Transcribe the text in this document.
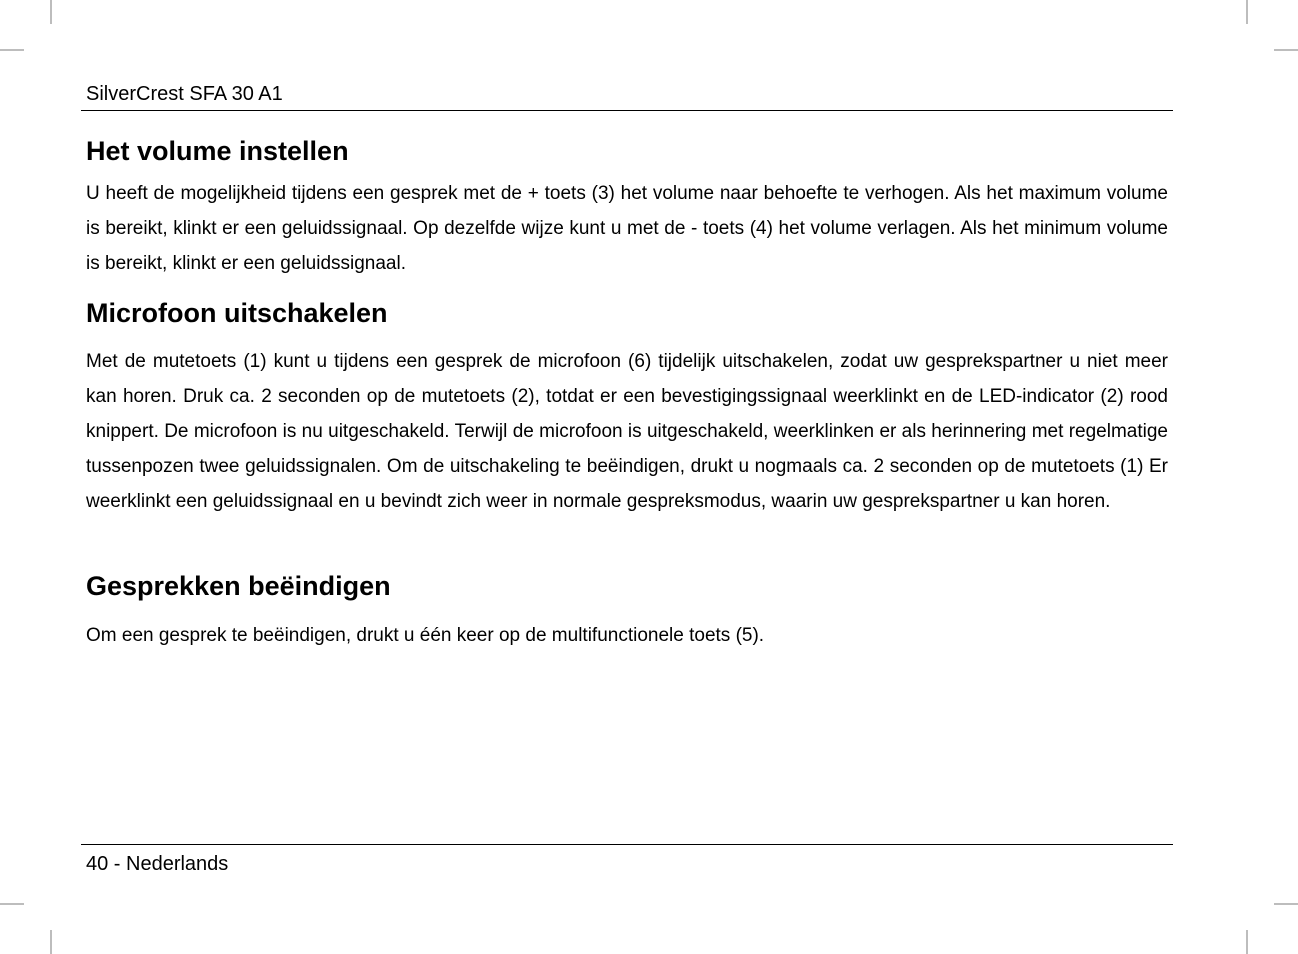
SilverCrest SFA 30 A1
Het volume instellen

U heeft de mogelijkheid tijdens een gesprek met de + toets (3) het volume naar behoefte te verhogen. Als het maximum volume is bereikt, klinkt er een geluidssignaal. Op dezelfde wijze kunt u met de - toets (4) het volume verlagen. Als het minimum volume is bereikt, klinkt er een geluidssignaal.

Microfoon uitschakelen

Met de mutetoets (1) kunt u tijdens een gesprek de microfoon (6) tijdelijk uitschakelen, zodat uw gesprekspartner u niet meer kan horen. Druk ca. 2 seconden op de mutetoets (2), totdat er een bevestigingssignaal weerklinkt en de LED-indicator (2) rood knippert. De microfoon is nu uitgeschakeld. Terwijl de microfoon is uitgeschakeld, weerklinken er als herinnering met regelmatige tussenpozen twee geluidssignalen. Om de uitschakeling te beëindigen, drukt u nogmaals ca. 2 seconden op de mutetoets (1) Er weerklinkt een geluidssignaal en u bevindt zich weer in normale gespreksmodus, waarin uw gesprekspartner u kan horen.

Gesprekken beëindigen

Om een gesprek te beëindigen, drukt u één keer op de multifunctionele toets (5).

40 - Nederlands
